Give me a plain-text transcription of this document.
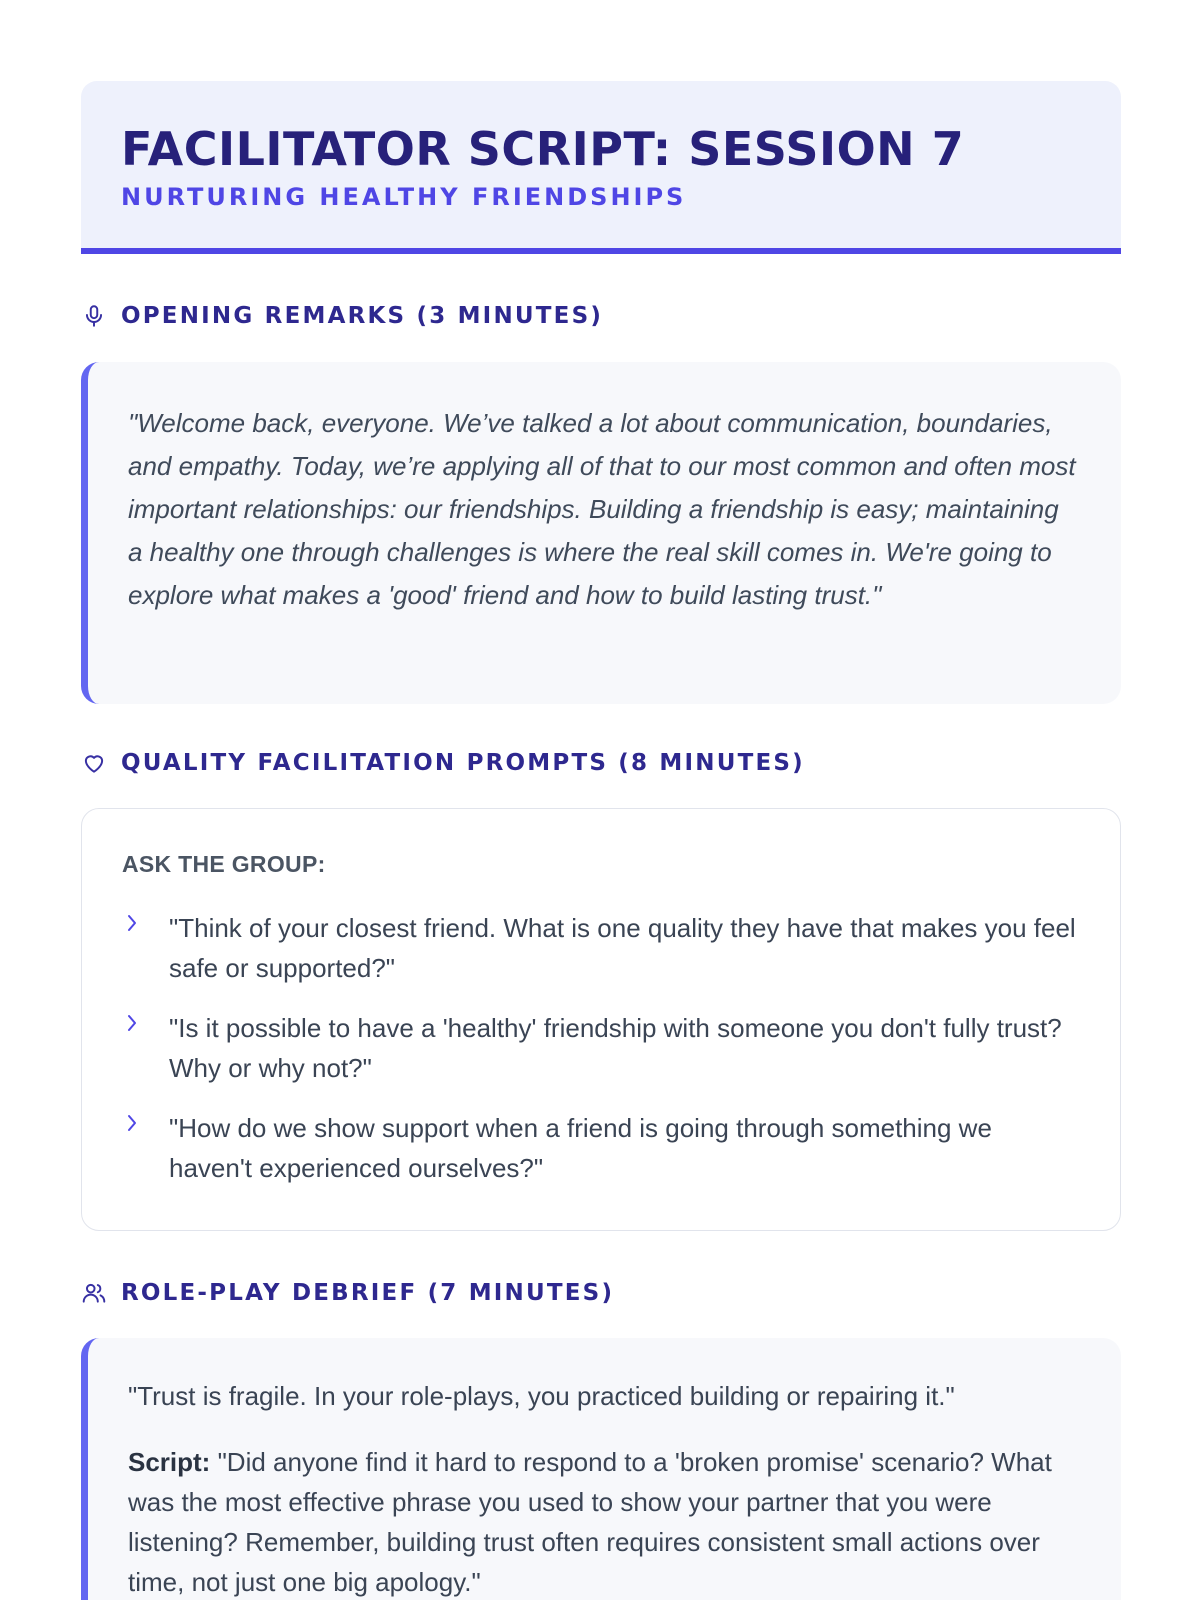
FACILITATOR SCRIPT: SESSION 7
NURTURING HEALTHY FRIENDSHIPS
OPENING REMARKS (3 MINUTES)

"Welcome back, everyone. We’ve talked a lot about communication, boundaries, and empathy. Today, we’re applying all of that to our most common and often most important relationships: our friendships. Building a friendship is easy; maintaining a healthy one through challenges is where the real skill comes in. We're going to explore what makes a 'good' friend and how to build lasting trust."

QUALITY FACILITATION PROMPTS (8 MINUTES)
ASK THE GROUP:
"Think of your closest friend. What is one quality they have that makes you feel safe or supported?"
"Is it possible to have a 'healthy' friendship with someone you don't fully trust? Why or why not?"
"How do we show support when a friend is going through something we haven't experienced ourselves?"
ROLE-PLAY DEBRIEF (7 MINUTES)

"Trust is fragile. In your role-plays, you practiced building or repairing it."

Script: "Did anyone find it hard to respond to a 'broken promise' scenario? What was the most effective phrase you used to show your partner that you were listening? Remember, building trust often requires consistent small actions over time, not just one big apology."
